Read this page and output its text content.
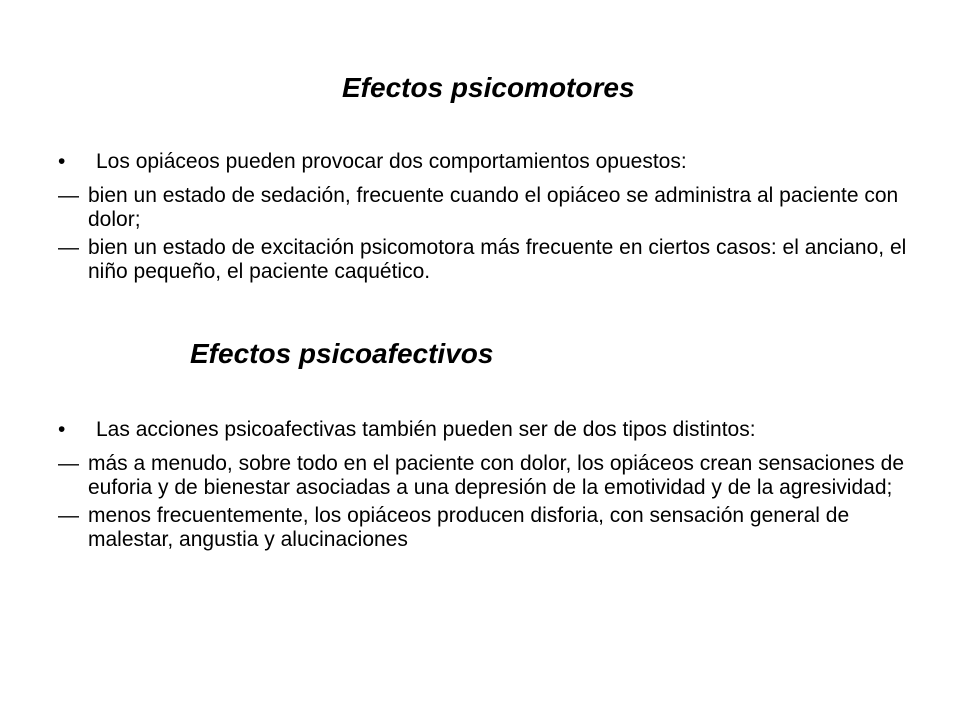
Efectos psicomotores
• Los opiáceos pueden provocar dos comportamientos opuestos:
— bien un estado de sedación, frecuente cuando el opiáceo se administra al paciente con dolor;
— bien un estado de excitación psicomotora más frecuente en ciertos casos: el anciano, el niño pequeño, el paciente caquético.
Efectos psicoafectivos
• Las acciones psicoafectivas también pueden ser de dos tipos distintos:
— más a menudo, sobre todo en el paciente con dolor, los opiáceos crean sensaciones de euforia y de bienestar asociadas a una depresión de la emotividad y de la agresividad;
— menos frecuentemente, los opiáceos producen disforia, con sensación general de malestar, angustia y alucinaciones
